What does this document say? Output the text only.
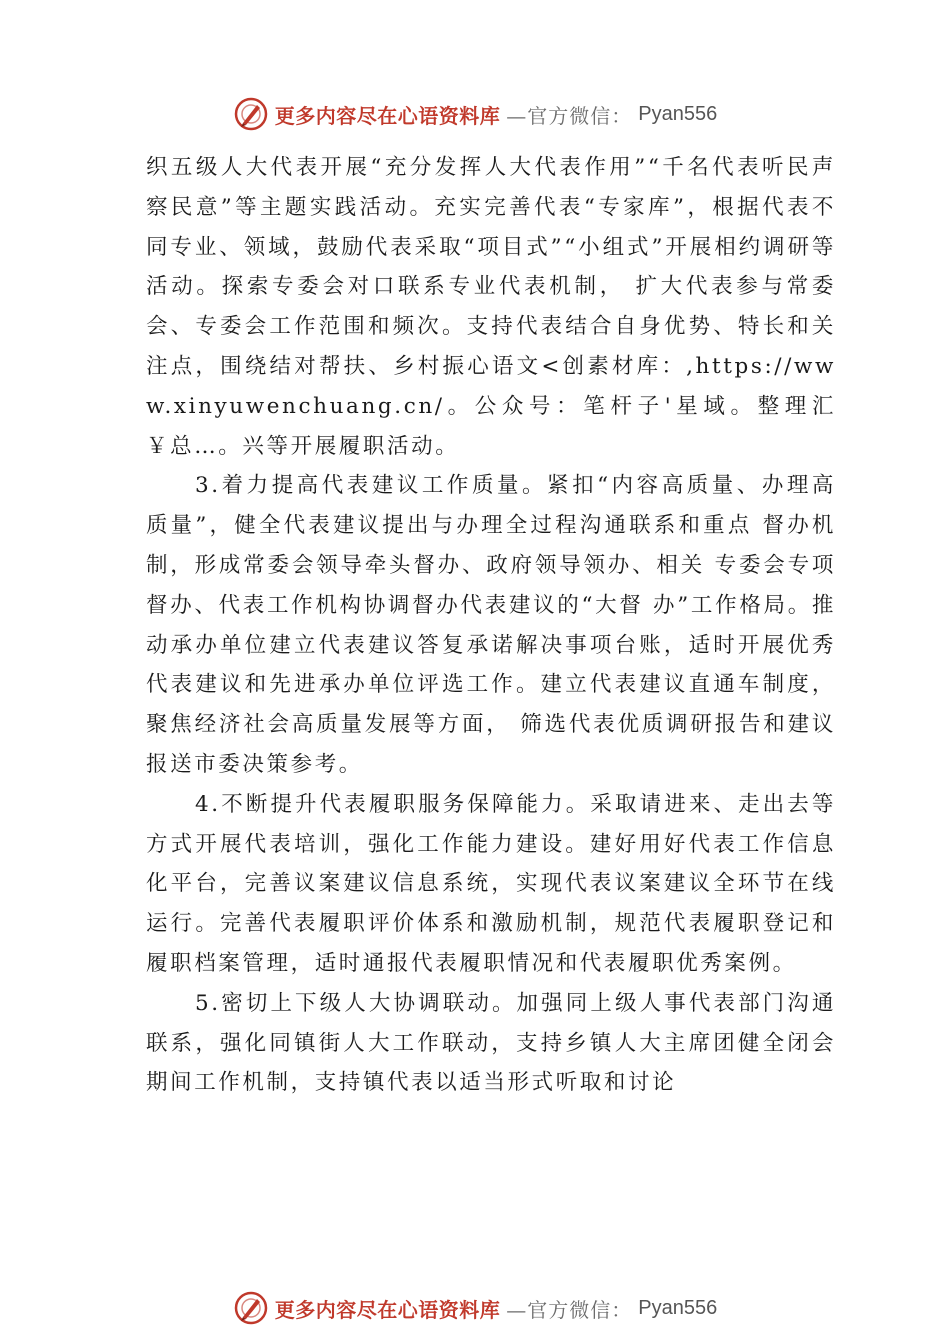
更多内容尽在心语资料库 —官方微信： Pyan556

织五级人大代表开展“充分发挥人大代表作用”“千名代表听民声察民意”等主题实践活动。充实完善代表“专家库”，根据代表不同专业、领域，鼓励代表采取“项目式”“小组式”开展相约调研等活动。探索专委会对口联系专业代表机制， 扩大代表参与常委会、专委会工作范围和频次。支持代表结合自身优势、特长和关注点，围绕结对帮扶、乡村振心语文<创素材库：,https://www.xinyuwenchuang.cn/。公众号：笔杆子'星域。整理汇￥总…。兴等开展履职活动。

3.着力提高代表建议工作质量。紧扣“内容高质量、办理高质量”，健全代表建议提出与办理全过程沟通联系和重点 督办机制，形成常委会领导牵头督办、政府领导领办、相关 专委会专项督办、代表工作机构协调督办代表建议的“大督 办”工作格局。推动承办单位建立代表建议答复承诺解决事项台账，适时开展优秀代表建议和先进承办单位评选工作。建立代表建议直通车制度，聚焦经济社会高质量发展等方面， 筛选代表优质调研报告和建议报送市委决策参考。

4.不断提升代表履职服务保障能力。采取请进来、走出去等方式开展代表培训，强化工作能力建设。建好用好代表工作信息化平台，完善议案建议信息系统，实现代表议案建议全环节在线运行。完善代表履职评价体系和激励机制，规范代表履职登记和履职档案管理，适时通报代表履职情况和代表履职优秀案例。

5.密切上下级人大协调联动。加强同上级人事代表部门沟通联系，强化同镇街人大工作联动，支持乡镇人大主席团健全闭会期间工作机制，支持镇代表以适当形式听取和讨论

更多内容尽在心语资料库 —官方微信： Pyan556
